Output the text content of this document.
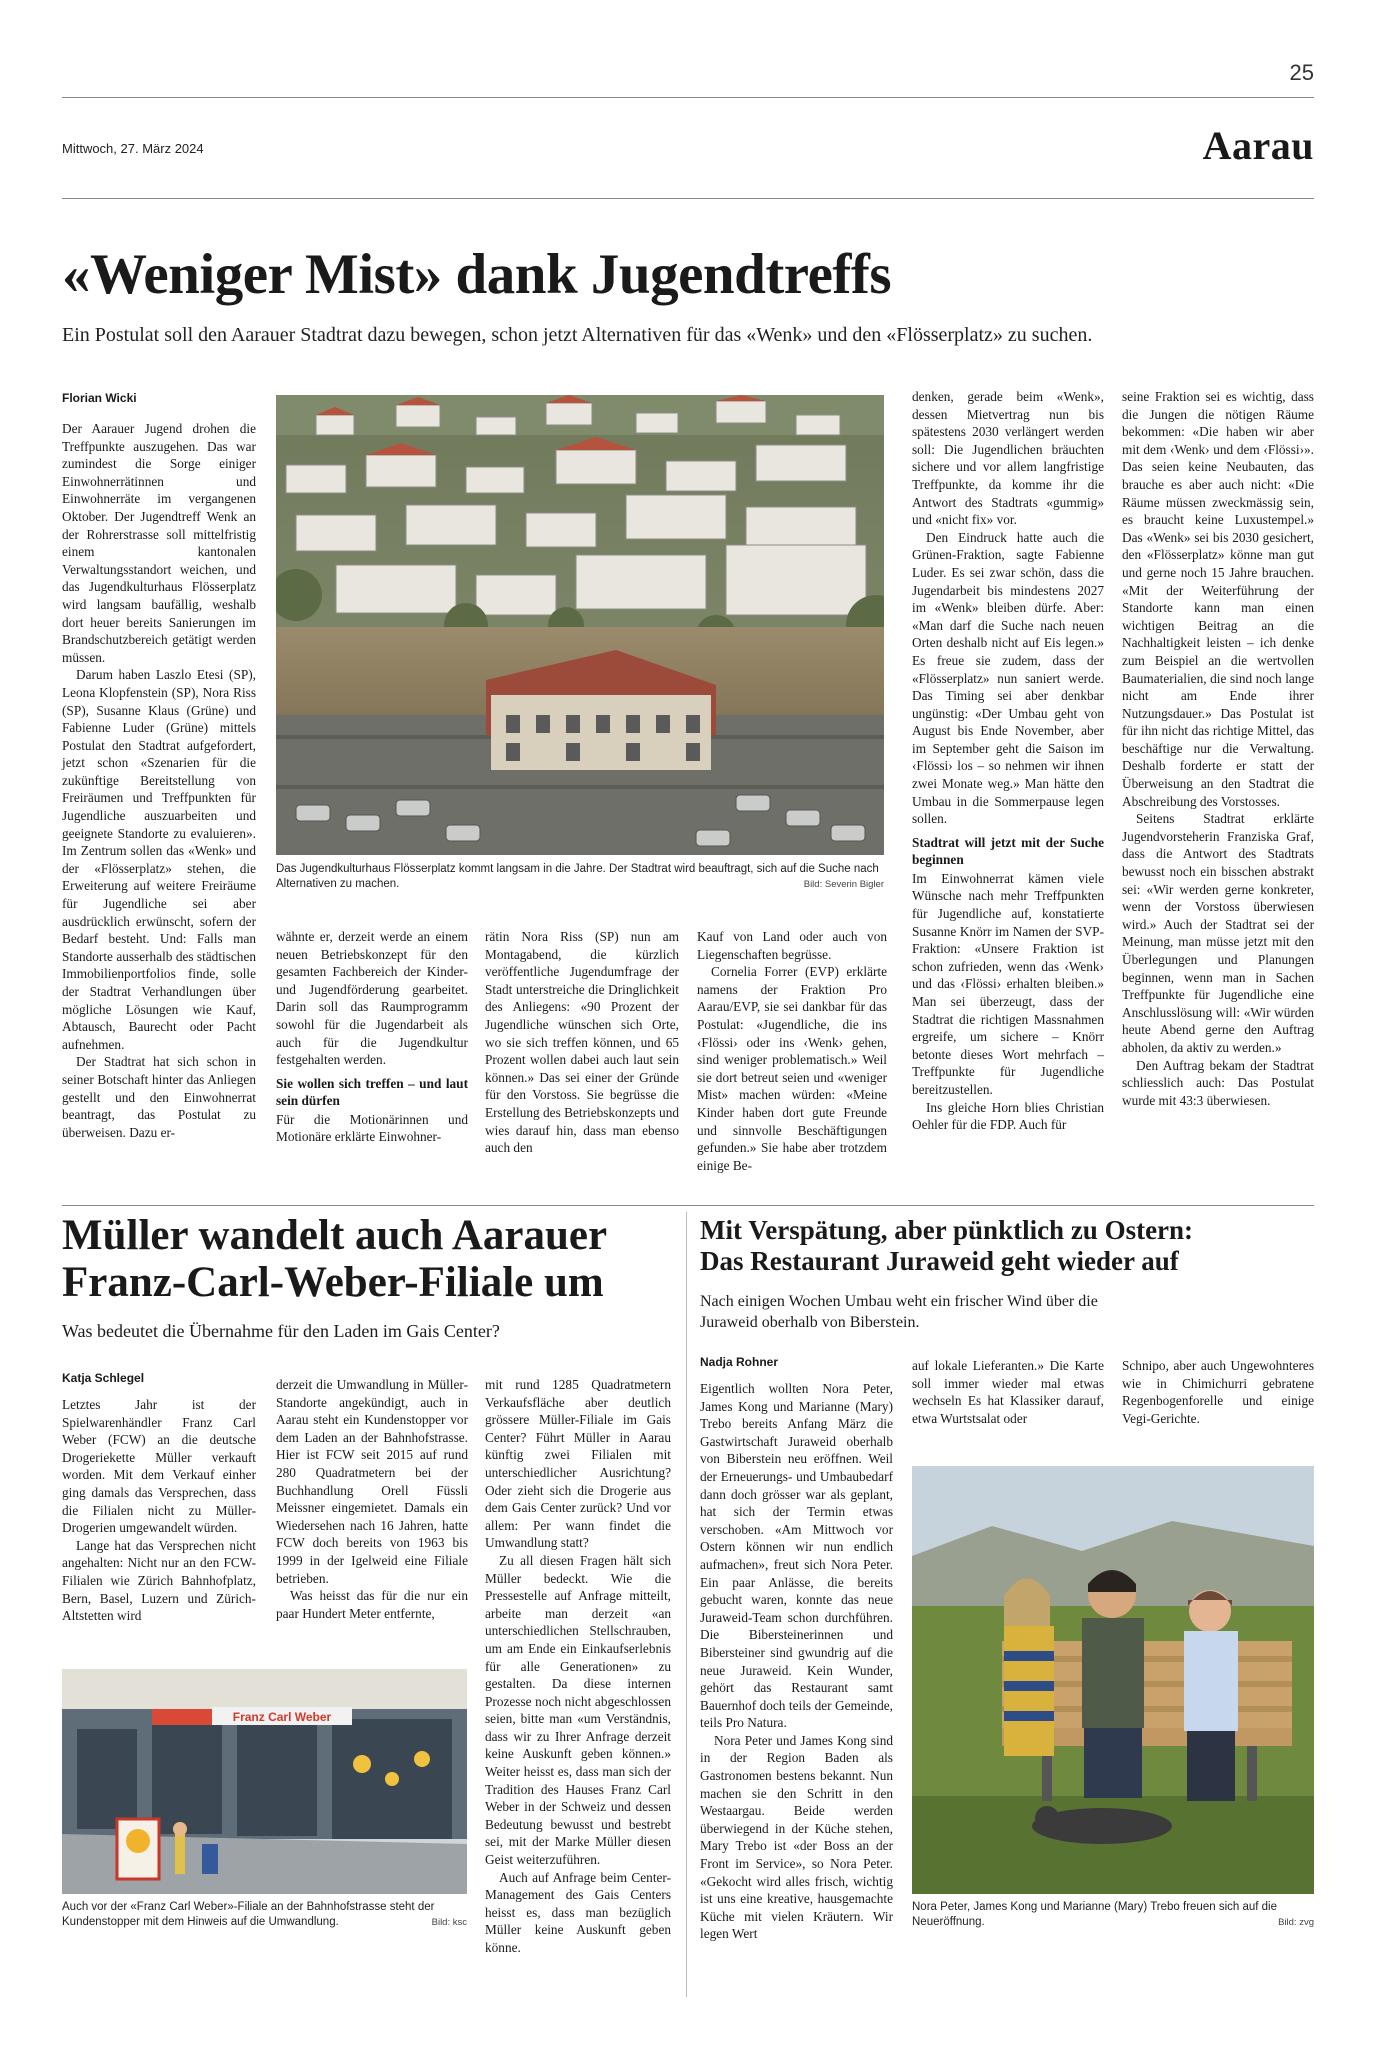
25
Mittwoch, 27. März 2024	Aarau
«Weniger Mist» dank Jugendtreffs
Ein Postulat soll den Aarauer Stadtrat dazu bewegen, schon jetzt Alternativen für das «Wenk» und den «Flösserplatz» zu suchen.
Florian Wicki

Der Aarauer Jugend drohen die Treffpunkte auszugehen. Das war zumindest die Sorge einiger Einwohnerrätinnen und Einwohnerräte im vergangenen Oktober. Der Jugendtreff Wenk an der Rohrerstrasse soll mittelfristig einem kantonalen Verwaltungsstandort weichen, und das Jugendkulturhaus Flösserplatz wird langsam baufällig, weshalb dort heuer bereits Sanierungen im Brandschutzbereich getätigt werden müssen.

Darum haben Laszlo Etesi (SP), Leona Klopfenstein (SP), Nora Riss (SP), Susanne Klaus (Grüne) und Fabienne Luder (Grüne) mittels Postulat den Stadtrat aufgefordert, jetzt schon «Szenarien für die zukünftige Bereitstellung von Freiräumen und Treffpunkten für Jugendliche auszuarbeiten und geeignete Standorte zu evaluieren». Im Zentrum sollen das «Wenk» und der «Flösserplatz» stehen, die Erweiterung auf weitere Freiräume für Jugendliche sei aber ausdrücklich erwünscht, sofern der Bedarf besteht. Und: Falls man Standorte ausserhalb des städtischen Immobilienportfolios finde, solle der Stadtrat Verhandlungen über mögliche Lösungen wie Kauf, Abtausch, Baurecht oder Pacht aufnehmen.

Der Stadtrat hat sich schon in seiner Botschaft hinter das Anliegen gestellt und den Einwohnerrat beantragt, das Postulat zu überweisen. Dazu er-

Das Jugendkulturhaus Flösserplatz kommt langsam in die Jahre. Der Stadtrat wird beauftragt, sich auf die Suche nach Alternativen zu machen.	Bild: Severin Bigler

wähnte er, derzeit werde an einem neuen Betriebskonzept für den gesamten Fachbereich der Kinder- und Jugendförderung gearbeitet. Darin soll das Raumprogramm sowohl für die Jugendarbeit als auch für die Jugendkultur festgehalten werden.

Sie wollen sich treffen – und laut sein dürfen

Für die Motionärinnen und Motionäre erklärte Einwohner-

rätin Nora Riss (SP) nun am Montagabend, die kürzlich veröffentliche Jugendumfrage der Stadt unterstreiche die Dringlichkeit des Anliegens: «90 Prozent der Jugendliche wünschen sich Orte, wo sie sich treffen können, und 65 Prozent wollen dabei auch laut sein können.» Das sei einer der Gründe für den Vorstoss. Sie begrüsse die Erstellung des Betriebskonzepts und wies darauf hin, dass man ebenso auch den

Kauf von Land oder auch von Liegenschaften begrüsse.

Cornelia Forrer (EVP) erklärte namens der Fraktion Pro Aarau/EVP, sie sei dankbar für das Postulat: «Jugendliche, die ins ‹Flössi› oder ins ‹Wenk› gehen, sind weniger problematisch.» Weil sie dort betreut seien und «weniger Mist» machen würden: «Meine Kinder haben dort gute Freunde und sinnvolle Beschäftigungen gefunden.» Sie habe aber trotzdem einige Be-

denken, gerade beim «Wenk», dessen Mietvertrag nun bis spätestens 2030 verlängert werden soll: Die Jugendlichen bräuchten sichere und vor allem langfristige Treffpunkte, da komme ihr die Antwort des Stadtrats «gummig» und «nicht fix» vor.

Den Eindruck hatte auch die Grünen-Fraktion, sagte Fabienne Luder. Es sei zwar schön, dass die Jugendarbeit bis mindestens 2027 im «Wenk» bleiben dürfe. Aber: «Man darf die Suche nach neuen Orten deshalb nicht auf Eis legen.» Es freue sie zudem, dass der «Flösserplatz» nun saniert werde. Das Timing sei aber denkbar ungünstig: «Der Umbau geht von August bis Ende November, aber im September geht die Saison im ‹Flössi› los – so nehmen wir ihnen zwei Monate weg.» Man hätte den Umbau in die Sommerpause legen sollen.

Stadtrat will jetzt mit der Suche beginnen

Im Einwohnerrat kämen viele Wünsche nach mehr Treffpunkten für Jugendliche auf, konstatierte Susanne Knörr im Namen der SVP-Fraktion: «Unsere Fraktion ist schon zufrieden, wenn das ‹Wenk› und das ‹Flössi› erhalten bleiben.» Man sei überzeugt, dass der Stadtrat die richtigen Massnahmen ergreife, um sichere – Knörr betonte dieses Wort mehrfach – Treffpunkte für Jugendliche bereitzustellen.

Ins gleiche Horn blies Christian Oehler für die FDP. Auch für

seine Fraktion sei es wichtig, dass die Jungen die nötigen Räume bekommen: «Die haben wir aber mit dem ‹Wenk› und dem ‹Flössi›». Das seien keine Neubauten, das brauche es aber auch nicht: «Die Räume müssen zweckmässig sein, es braucht keine Luxustempel.» Das «Wenk» sei bis 2030 gesichert, den «Flösserplatz» könne man gut und gerne noch 15 Jahre brauchen. «Mit der Weiterführung der Standorte kann man einen wichtigen Beitrag an die Nachhaltigkeit leisten – ich denke zum Beispiel an die wertvollen Baumaterialien, die sind noch lange nicht am Ende ihrer Nutzungsdauer.» Das Postulat ist für ihn nicht das richtige Mittel, das beschäftige nur die Verwaltung. Deshalb forderte er statt der Überweisung an den Stadtrat die Abschreibung des Vorstosses.

Seitens Stadtrat erklärte Jugendvorsteherin Franziska Graf, dass die Antwort des Stadtrats bewusst noch ein bisschen abstrakt sei: «Wir werden gerne konkreter, wenn der Vorstoss überwiesen wird.» Auch der Stadtrat sei der Meinung, man müsse jetzt mit den Überlegungen und Planungen beginnen, wenn man in Sachen Treffpunkte für Jugendliche eine Anschlusslösung will: «Wir würden heute Abend gerne den Auftrag abholen, da aktiv zu werden.»

Den Auftrag bekam der Stadtrat schliesslich auch: Das Postulat wurde mit 43:3 überwiesen.

Müller wandelt auch Aarauer
Franz-Carl-Weber-Filiale um
Was bedeutet die Übernahme für den Laden im Gais Center?
Katja Schlegel

Letztes Jahr ist der Spielwarenhändler Franz Carl Weber (FCW) an die deutsche Drogeriekette Müller verkauft worden. Mit dem Verkauf einher ging damals das Versprechen, dass die Filialen nicht zu Müller-Drogerien umgewandelt würden.

Lange hat das Versprechen nicht angehalten: Nicht nur an den FCW-Filialen wie Zürich Bahnhofplatz, Bern, Basel, Luzern und Zürich-Altstetten wird

derzeit die Umwandlung in Müller-Standorte angekündigt, auch in Aarau steht ein Kundenstopper vor dem Laden an der Bahnhofstrasse. Hier ist FCW seit 2015 auf rund 280 Quadratmetern bei der Buchhandlung Orell Füssli Meissner eingemietet. Damals ein Wiedersehen nach 16 Jahren, hatte FCW doch bereits von 1963 bis 1999 in der Igelweid eine Filiale betrieben.

Was heisst das für die nur ein paar Hundert Meter entfernte,

mit rund 1285 Quadratmetern Verkaufsfläche aber deutlich grössere Müller-Filiale im Gais Center? Führt Müller in Aarau künftig zwei Filialen mit unterschiedlicher Ausrichtung? Oder zieht sich die Drogerie aus dem Gais Center zurück? Und vor allem: Per wann findet die Umwandlung statt?

Zu all diesen Fragen hält sich Müller bedeckt. Wie die Pressestelle auf Anfrage mitteilt, arbeite man derzeit «an unterschiedlichen Stellschrauben, um am Ende ein Einkaufserlebnis für alle Generationen» zu gestalten. Da diese internen Prozesse noch nicht abgeschlossen seien, bitte man «um Verständnis, dass wir zu Ihrer Anfrage derzeit keine Auskunft geben können.» Weiter heisst es, dass man sich der Tradition des Hauses Franz Carl Weber in der Schweiz und dessen Bedeutung bewusst und bestrebt sei, mit der Marke Müller diesen Geist weiterzuführen.

Auch auf Anfrage beim Center-Management des Gais Centers heisst es, dass man bezüglich Müller keine Auskunft geben könne.

Franz Carl Weber
Auch vor der «Franz Carl Weber»-Filiale an der Bahnhofstrasse steht der Kundenstopper mit dem Hinweis auf die Umwandlung.	Bild: ksc
Mit Verspätung, aber pünktlich zu Ostern:
Das Restaurant Juraweid geht wieder auf
Nach einigen Wochen Umbau weht ein frischer Wind über die Juraweid oberhalb von Biberstein.
Nadja Rohner

Eigentlich wollten Nora Peter, James Kong und Marianne (Mary) Trebo bereits Anfang März die Gastwirtschaft Juraweid oberhalb von Biberstein neu eröffnen. Weil der Erneuerungs- und Umbaubedarf dann doch grösser war als geplant, hat sich der Termin etwas verschoben. «Am Mittwoch vor Ostern können wir nun endlich aufmachen», freut sich Nora Peter. Ein paar Anlässe, die bereits gebucht waren, konnte das neue Juraweid-Team schon durchführen. Die Bibersteinerinnen und Bibersteiner sind gwundrig auf die neue Juraweid. Kein Wunder, gehört das Restaurant samt Bauernhof doch teils der Gemeinde, teils Pro Natura.

Nora Peter und James Kong sind in der Region Baden als Gastronomen bestens bekannt. Nun machen sie den Schritt in den Westaargau. Beide werden überwiegend in der Küche stehen, Mary Trebo ist «der Boss an der Front im Service», so Nora Peter. «Gekocht wird alles frisch, wichtig ist uns eine kreative, hausgemachte Küche mit vielen Kräutern. Wir legen Wert

auf lokale Lieferanten.» Die Karte soll immer wieder mal etwas wechseln Es hat Klassiker darauf, etwa Wurtstsalat oder

Schnipo, aber auch Ungewohnteres wie in Chimichurri gebratene Regenbogenforelle und einige Vegi-Gerichte.

Nora Peter, James Kong und Marianne (Mary) Trebo freuen sich auf die Neueröffnung.	Bild: zvg
